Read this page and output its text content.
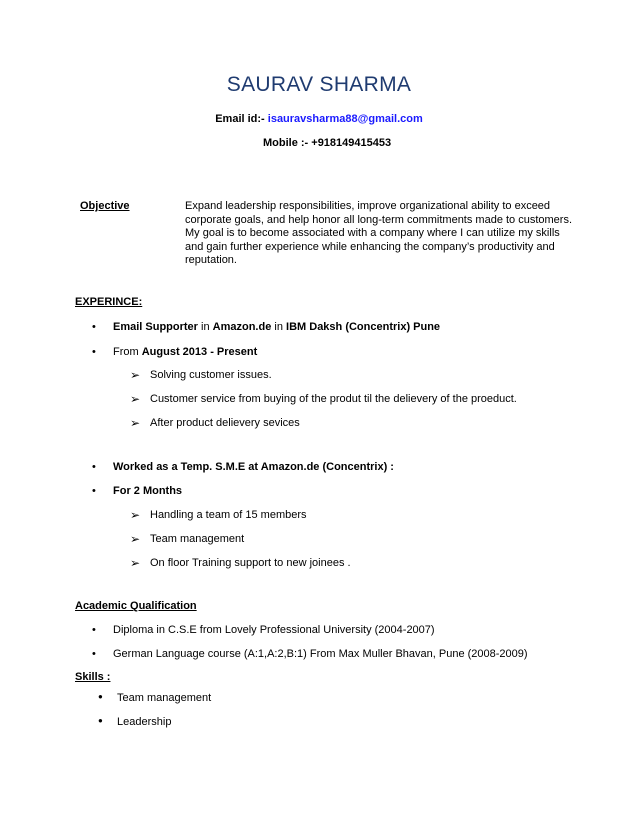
SAURAV SHARMA
Email id:- isauravsharma88@gmail.com
Mobile :- +918149415453
Objective	Expand leadership responsibilities, improve organizational ability to exceed corporate goals, and help honor all long-term commitments made to customers. My goal is to become associated with a company where I can utilize my skills and gain further experience while enhancing the company’s productivity and reputation.
EXPERINCE:
• Email Supporter in Amazon.de in IBM Daksh (Concentrix) Pune
• From August 2013 - Present
➢ Solving customer issues.
➢ Customer service from buying of the produt til the delievery of the proeduct.
➢ After product delievery sevices
• Worked as a Temp. S.M.E at Amazon.de (Concentrix) :
• For 2 Months
➢ Handling a team of 15 members
➢ Team management
➢ On floor Training support to new joinees .
Academic Qualification
• Diploma in C.S.E from Lovely Professional University (2004-2007)
• German Language course (A:1,A:2,B:1) From Max Muller Bhavan, Pune (2008-2009)
Skills :
● Team management
● Leadership
